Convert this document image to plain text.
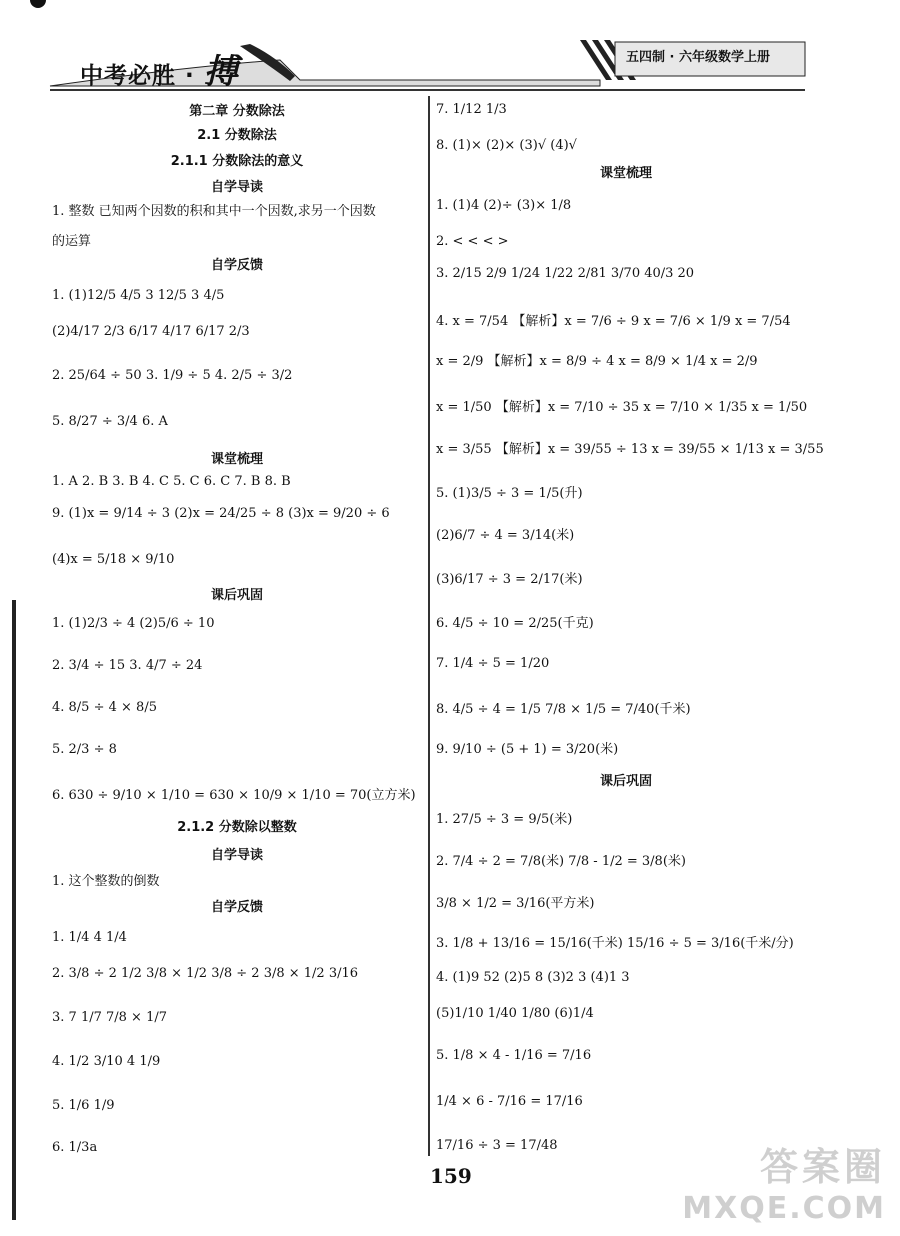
中考必胜 · 搏	五四制 · 六年级数学上册
第二章 分数除法
2.1 分数除法
2.1.1 分数除法的意义
自学导读
1. 整数 已知两个因数的积和其中一个因数,求另一个因数
的运算
自学反馈
1. (1)12/5 4/5 3 12/5 3 4/5
(2)4/17 2/3 6/17 4/17 6/17 2/3
2. 25/64 ÷ 50 3. 1/9 ÷ 5 4. 2/5 ÷ 3/2
5. 8/27 ÷ 3/4 6. A
课堂梳理
1. A 2. B 3. B 4. C 5. C 6. C 7. B 8. B
9. (1)x = 9/14 ÷ 3 (2)x = 24/25 ÷ 8 (3)x = 9/20 ÷ 6
(4)x = 5/18 × 9/10
课后巩固
1. (1)2/3 ÷ 4 (2)5/6 ÷ 10
2. 3/4 ÷ 15 3. 4/7 ÷ 24
4. 8/5 ÷ 4 × 8/5
5. 2/3 ÷ 8
6. 630 ÷ 9/10 × 1/10 = 630 × 10/9 × 1/10 = 70(立方米)
2.1.2 分数除以整数
自学导读
1. 这个整数的倒数
自学反馈
1. 1/4 4 1/4
2. 3/8 ÷ 2 1/2 3/8 × 1/2 3/8 ÷ 2 3/8 × 1/2 3/16
3. 7 1/7 7/8 × 1/7
4. 1/2 3/10 4 1/9
5. 1/6 1/9
6. 1/3a
7. 1/12 1/3
8. (1)× (2)× (3)√ (4)√
课堂梳理
1. (1)4 (2)÷ (3)× 1/8
2. < < < >
3. 2/15 2/9 1/24 1/22 2/81 3/70 40/3 20
4. x = 7/54 【解析】x = 7/6 ÷ 9 x = 7/6 × 1/9 x = 7/54
x = 2/9 【解析】x = 8/9 ÷ 4 x = 8/9 × 1/4 x = 2/9
x = 1/50 【解析】x = 7/10 ÷ 35 x = 7/10 × 1/35 x = 1/50
x = 3/55 【解析】x = 39/55 ÷ 13 x = 39/55 × 1/13 x = 3/55
5. (1)3/5 ÷ 3 = 1/5(升)
(2)6/7 ÷ 4 = 3/14(米)
(3)6/17 ÷ 3 = 2/17(米)
6. 4/5 ÷ 10 = 2/25(千克)
7. 1/4 ÷ 5 = 1/20
8. 4/5 ÷ 4 = 1/5 7/8 × 1/5 = 7/40(千米)
9. 9/10 ÷ (5 + 1) = 3/20(米)
课后巩固
1. 27/5 ÷ 3 = 9/5(米)
2. 7/4 ÷ 2 = 7/8(米) 7/8 - 1/2 = 3/8(米)
3/8 × 1/2 = 3/16(平方米)
3. 1/8 + 13/16 = 15/16(千米) 15/16 ÷ 5 = 3/16(千米/分)
4. (1)9 52 (2)5 8 (3)2 3 (4)1 3
(5)1/10 1/40 1/80 (6)1/4
5. 1/8 × 4 - 1/16 = 7/16
1/4 × 6 - 7/16 = 17/16
17/16 ÷ 3 = 17/48
159	答案圈
MXQE.COM
